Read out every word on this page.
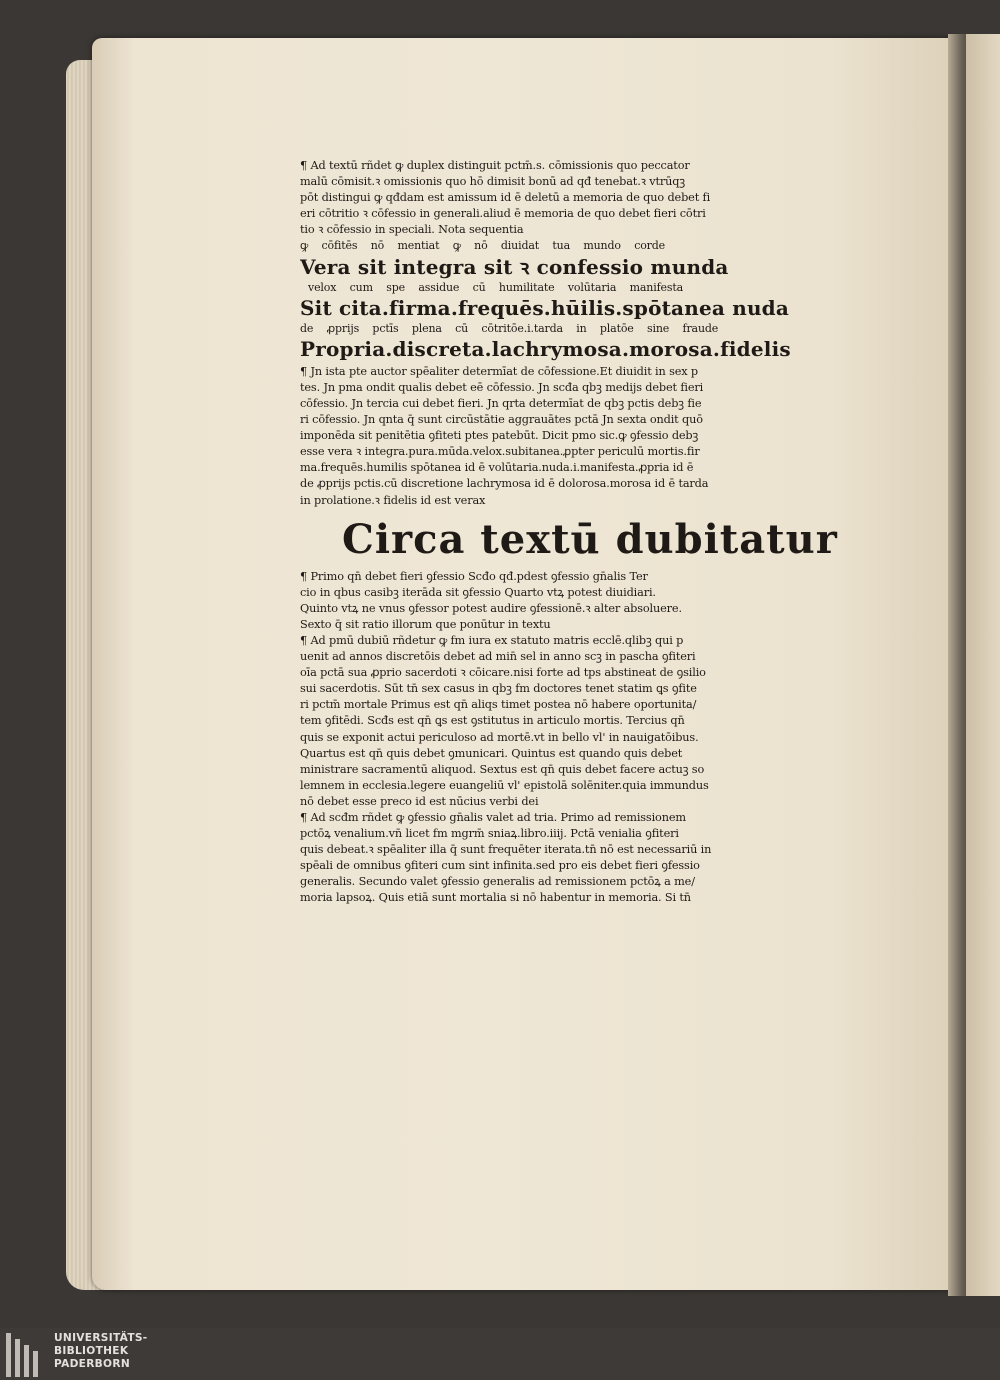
¶ Ad textū rñdet ꝙ duplex distinguit pctm̄.s. cōmissionis quo peccator
malū cōmisit.ꝛ omissionis quo hō dimisit bonū ad qđ tenebat.ꝛ vtrūqꝫ
pōt distingui ꝙ qđdam est amissum id ē deletū a memoria de quo debet fi
eri cōtritio ꝛ cōfessio in generali.aliud ē memoria de quo debet fieri cōtri
tio ꝛ cōfessio in speciali. Nota sequentia
ꝙ cōfitēs nō mentiat ꝙ nō diuidat tua mundo corde
Vera sit integra sit ꝛ confessio munda
velox cum spe assidue cū humilitate volūtaria manifesta
Sit cita.firma.frequēs.hūilis.spōtanea nuda
de ꝓprijs pctīs plena cū cōtritōe.i.tarda in platōe sine fraude
Propria.discreta.lachrymosa.morosa.fidelis
¶ Jn ista pte auctor spēaliter determīat de cōfessione.Et diuidit in sex p
tes. Jn pma ondit qualis debet eē cōfessio. Jn scđa qbꝫ medijs debet fieri
cōfessio. Jn tercia cui debet fieri. Jn qrta determīat de qbꝫ pctis debꝫ fie
ri cōfessio. Jn qnta q̄ sunt circūstātie aggrauātes pctā Jn sexta ondit quō
imponēda sit penitētia ꝯfiteti ptes patebūt. Dicit pmo sic.ꝙ ꝯfessio debꝫ
esse vera ꝛ integra.pura.mūda.velox.subitanea.ꝓpter periculū mortis.fir
ma.frequēs.humilis spōtanea id ē volūtaria.nuda.i.manifesta.ꝓpria id ē
de ꝓprijs pctis.cū discretione lachrymosa id ē dolorosa.morosa id ē tarda
in prolatione.ꝛ fidelis id est verax
Circa textū dubitatur
¶ Primo qn̄ debet fieri ꝯfessio Scđo qđ.pdest ꝯfessio gn̄alis Ter
cio in qbus casibꝫ iterāda sit ꝯfessio Quarto vtꝝ potest diuidiari.
Quinto vtꝝ ne vnus ꝯfessor potest audire ꝯfessionē.ꝛ alter absoluere.
Sexto q̄ sit ratio illorum que ponūtur in textu
¶ Ad pmū dubiū rñdetur ꝙ fm iura ex statuto matris ecclē.qlibꝫ qui p
uenit ad annos discretōis debet ad min̄ sel in anno scꝫ in pascha ꝯfiteri
oīa pctā sua ꝓprio sacerdoti ꝛ cōicare.nisi forte ad tps abstineat de ꝯsilio
sui sacerdotis. Sūt tn̄ sex casus in qbꝫ fm doctores tenet statim ꝗs ꝯfite
ri pctm̄ mortale Primus est qn̄ aliqs timet postea nō habere oportunita/
tem ꝯfitēdi. Scđs est qn̄ ꝗs est ꝯstitutus in articulo mortis. Tercius qn̄
quis se exponit actui periculoso ad mortē.vt in bello vl' in nauigatōibus.
Quartus est qn̄ quis debet ꝯmunicari. Quintus est quando quis debet
ministrare sacramentū aliquod. Sextus est qn̄ quis debet facere actuꝫ so
lemnem in ecclesia.legere euangeliū vl' epistolā solēniter.quia immundus
nō debet esse preco id est nūcius verbi dei
¶ Ad scđm rñdet ꝙ ꝯfessio gn̄alis valet ad tria. Primo ad remissionem
pctōꝝ venalium.vn̄ licet fm mgrm̄ sniaꝝ.libro.iiij. Pctā venialia ꝯfiteri
quis debeat.ꝛ spēaliter illa q̄ sunt frequēter iterata.tn̄ nō est necessariū in
spēali de omnibus ꝯfiteri cum sint infinita.sed pro eis debet fieri ꝯfessio
generalis. Secundo valet ꝯfessio generalis ad remissionem pctōꝝ a me/
moria lapsoꝝ. Quis etiā sunt mortalia si nō habentur in memoria. Si tn̄
UNIVERSITÄTS-
BIBLIOTHEK
PADERBORN
